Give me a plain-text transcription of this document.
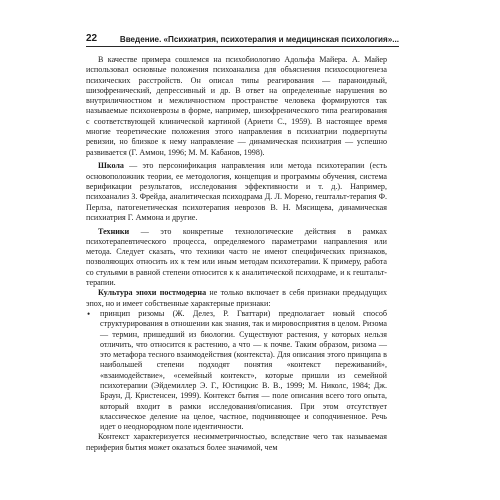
22	Введение. «Психиатрия, психотерапия и медицинская психология»...

В качестве примера сошлемся на психобиологию Адольфа Майера. А. Майер использовал основные положения психоанализа для объяснения психосоциогенеза психических расстройств. Он описал типы реагирования — параноидный, шизофренический, депрессивный и др. В ответ на определенные нарушения во внутриличностном и межличностном пространстве человека формируются так называемые психоневрозы в форме, например, шизофренического типа реагирования с соответствующей клинической картиной (Ариети С., 1959). В настоящее время многие теоретические положения этого направления в психиатрии подвергнуты ревизии, но близкое к нему направление — динамическая психиатрия — успешно развивается (Г. Аммон, 1996; М. М. Кабанов, 1998).

Школа — это персонификация направления или метода психотерапии (есть основоположник теории, ее методология, концепция и программы обучения, система верификации результатов, исследования эффективности и т. д.). Например, психоанализ З. Фрейда, аналитическая психодрама Д. Л. Морено, гештальт-терапия Ф. Перлза, патогенетическая психотерапия неврозов В. Н. Мясищева, динамическая психиатрия Г. Аммона и другие.

Техники — это конкретные технологические действия в рамках психотерапевтического процесса, определяемого параметрами направления или метода. Следует сказать, что техники часто не имеют специфических признаков, позволяющих относить их к тем или иным методам психотерапии. К примеру, работа со стульями в равной степени относится к к аналитической психодраме, и к гештальт-терапии.

Культура эпохи постмодерна не только включает в себя признаки предыдущих эпох, но и имеет собственные характерные признаки:

• принцип ризомы (Ж. Делез, Р. Гваттари) предполагает новый способ структурирования в отношении как знания, так и мировосприятия в целом. Ризома — термин, пришедший из биологии. Существуют растения, у которых нельзя отличить, что относится к растению, а что — к почве. Таким образом, ризома — это метафора тесного взаимодействия (контекста). Для описания этого принципа в наибольшей степени подходят понятия «контекст переживаний», «взаимодействие», «семейный контекст», которые пришли из семейной психотерапии (Эйдемиллер Э. Г., Юстицкис В. В., 1999; М. Николс, 1984; Дж. Браун, Д. Кристенсен, 1999). Контекст бытия — поле описания всего того опыта, который входит в рамки исследования/описания. При этом отсутствует классическое деление на целое, частное, подчиняющее и соподчиненное. Речь идет о неоднородном поле идентичности.

Контекст характеризуется несимметричностью, вследствие чего так называемая периферия бытия может оказаться более значимой, чем
